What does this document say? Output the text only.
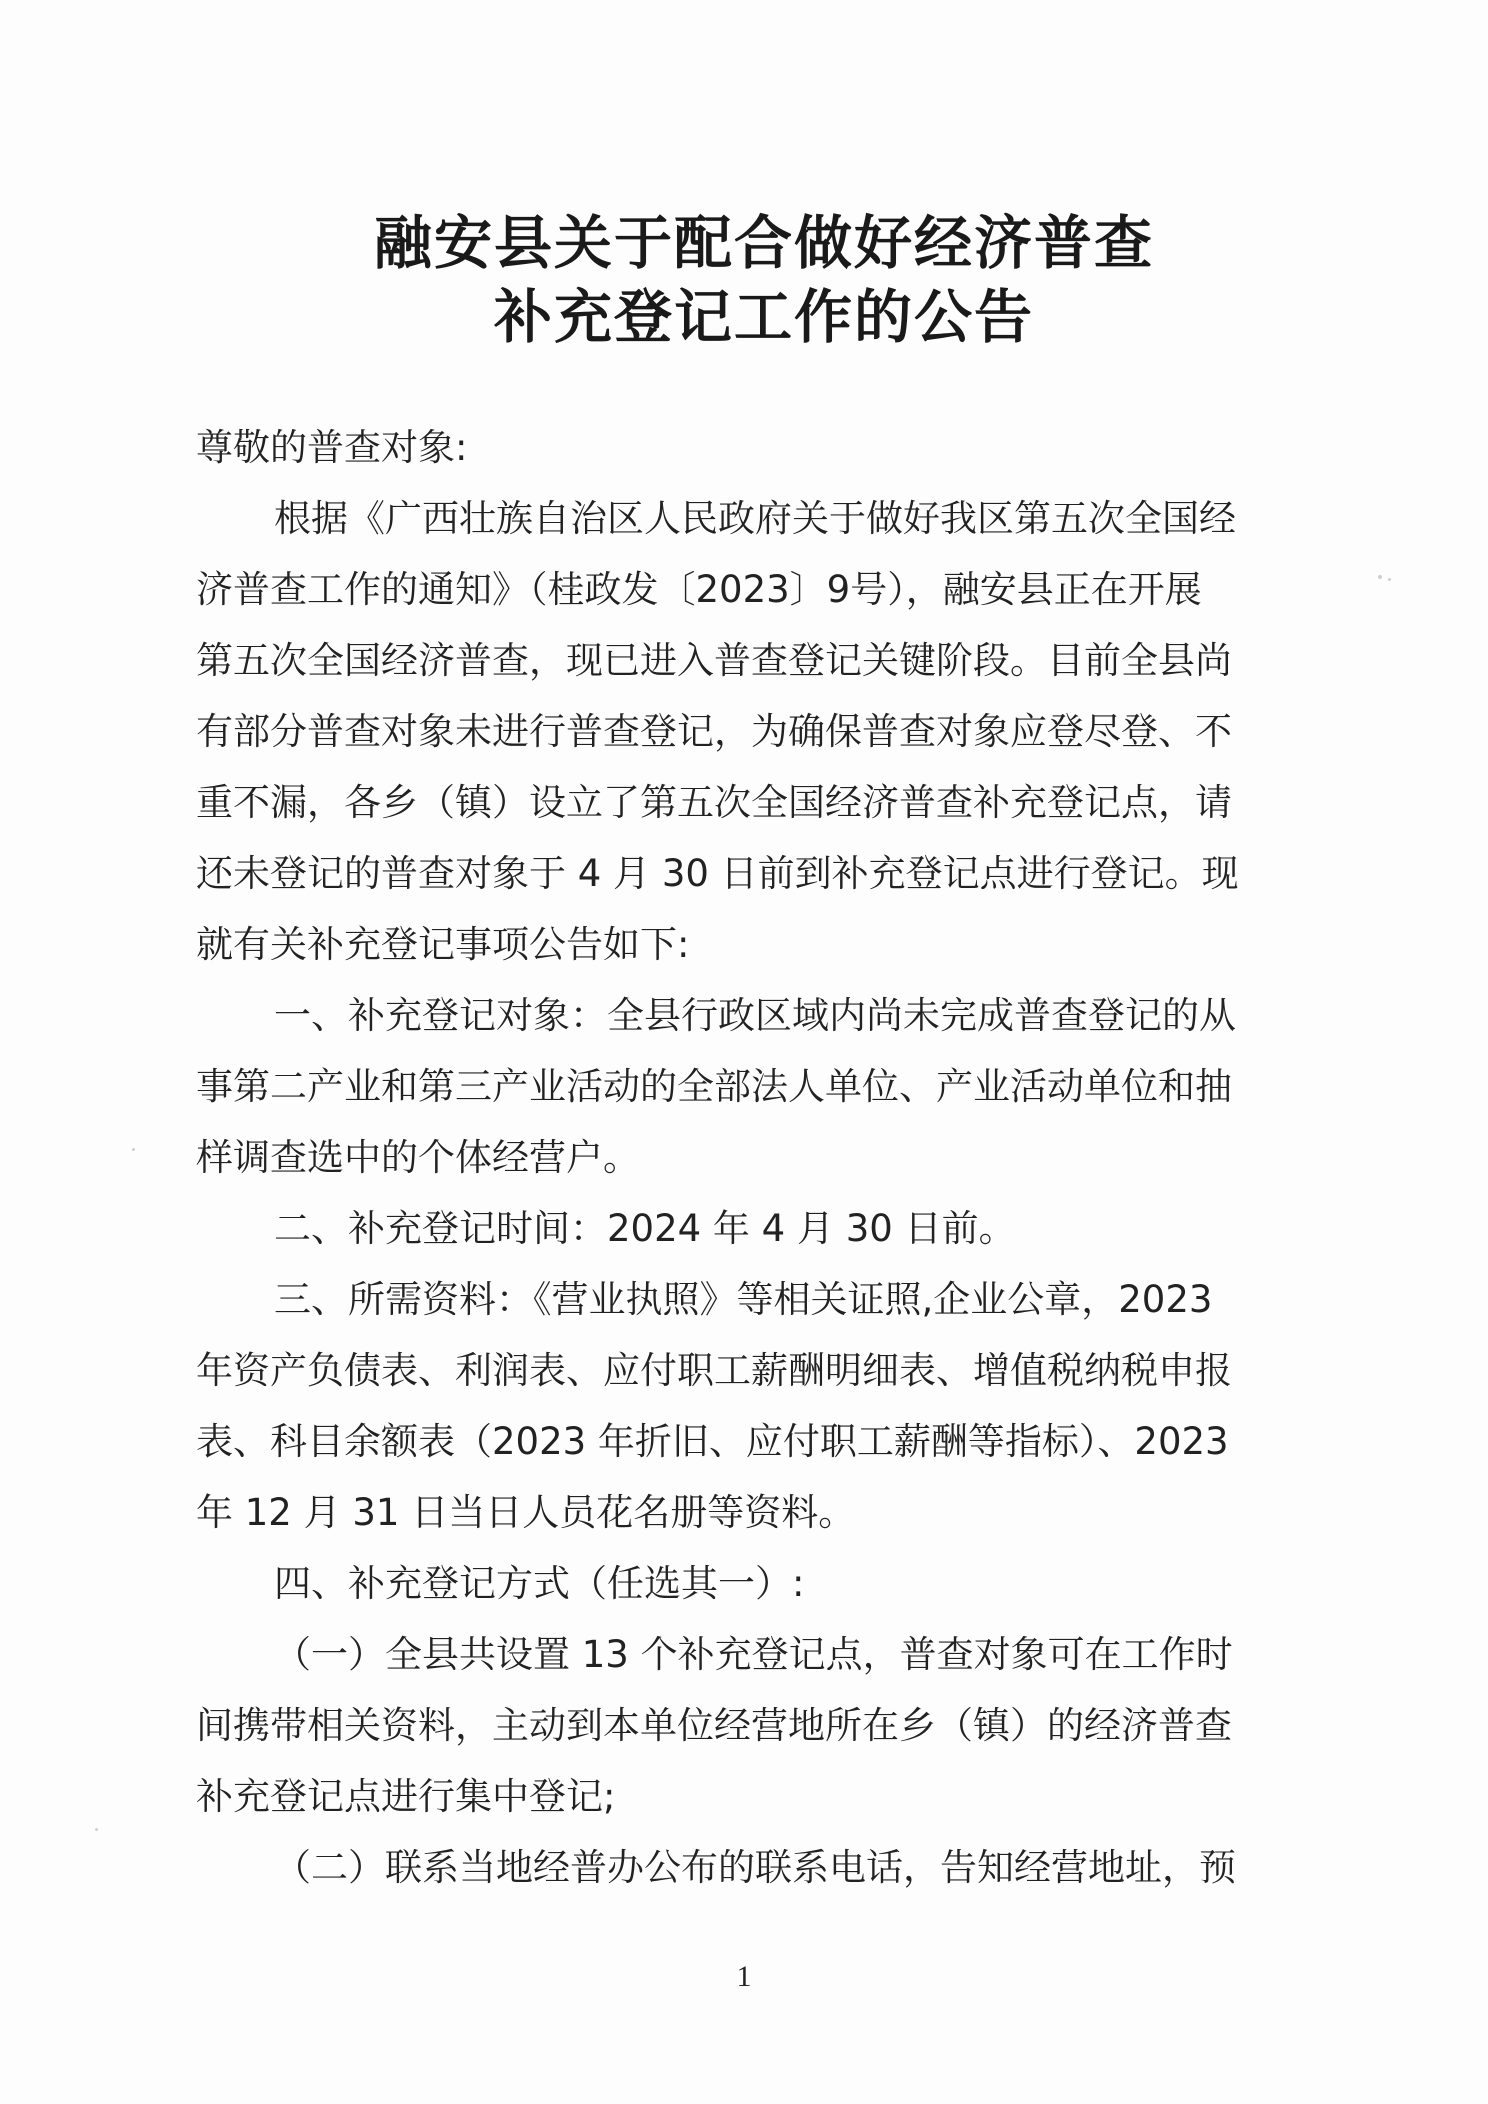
融安县关于配合做好经济普查
补充登记工作的公告
尊敬的普查对象:
根据《广西壮族自治区人民政府关于做好我区第五次全国经
济普查工作的通知》（桂政发〔2023〕9号），融安县正在开展
第五次全国经济普查，现已进入普查登记关键阶段。目前全县尚
有部分普查对象未进行普查登记，为确保普查对象应登尽登、不
重不漏，各乡（镇）设立了第五次全国经济普查补充登记点，请
还未登记的普查对象于 4 月 30 日前到补充登记点进行登记。现
就有关补充登记事项公告如下:
一、补充登记对象：全县行政区域内尚未完成普查登记的从
事第二产业和第三产业活动的全部法人单位、产业活动单位和抽
样调查选中的个体经营户。
二、补充登记时间：2024 年 4 月 30 日前。
三、所需资料：《营业执照》等相关证照,企业公章，2023
年资产负债表、利润表、应付职工薪酬明细表、增值税纳税申报
表、科目余额表（2023 年折旧、应付职工薪酬等指标）、2023
年 12 月 31 日当日人员花名册等资料。
四、补充登记方式（任选其一）:
（一）全县共设置 13 个补充登记点，普查对象可在工作时
间携带相关资料，主动到本单位经营地所在乡（镇）的经济普查
补充登记点进行集中登记;
（二）联系当地经普办公布的联系电话，告知经营地址，预
1
